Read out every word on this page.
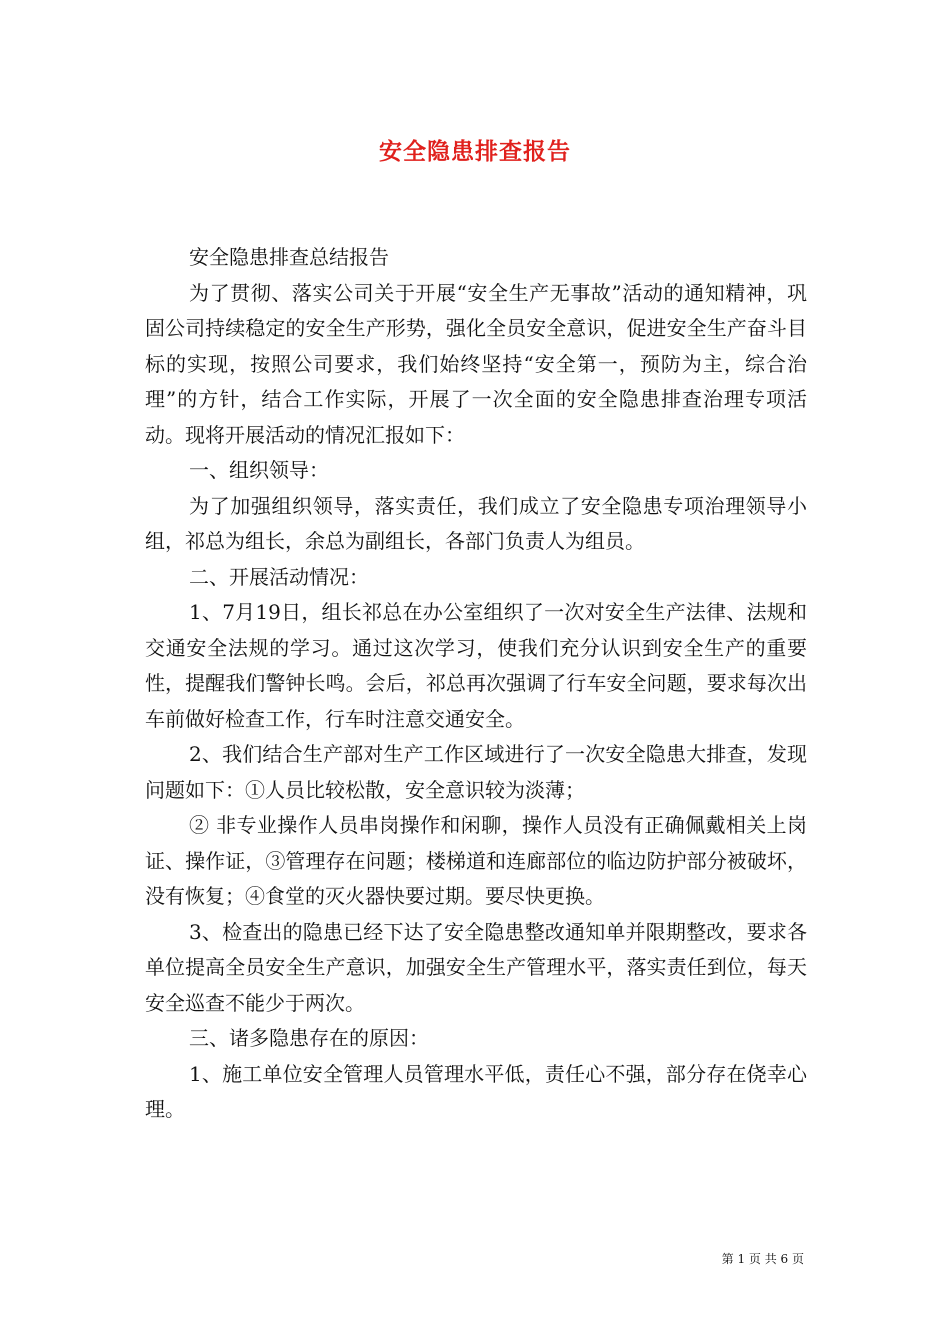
安全隐患排查报告

安全隐患排查总结报告

为了贯彻、落实公司关于开展“安全生产无事故”活动的通知精神，巩固公司持续稳定的安全生产形势，强化全员安全意识，促进安全生产奋斗目标的实现，按照公司要求，我们始终坚持“安全第一，预防为主，综合治理”的方针，结合工作实际，开展了一次全面的安全隐患排查治理专项活动。现将开展活动的情况汇报如下：

一、组织领导：

为了加强组织领导，落实责任，我们成立了安全隐患专项治理领导小组，祁总为组长，余总为副组长，各部门负责人为组员。

二、开展活动情况：

1、7月19日，组长祁总在办公室组织了一次对安全生产法律、法规和交通安全法规的学习。通过这次学习，使我们充分认识到安全生产的重要性，提醒我们警钟长鸣。会后，祁总再次强调了行车安全问题，要求每次出车前做好检查工作，行车时注意交通安全。

2、我们结合生产部对生产工作区域进行了一次安全隐患大排查，发现问题如下：①人员比较松散，安全意识较为淡薄；

② 非专业操作人员串岗操作和闲聊，操作人员没有正确佩戴相关上岗证、操作证，③管理存在问题；楼梯道和连廊部位的临边防护部分被破坏，没有恢复；④食堂的灭火器快要过期。要尽快更换。

3、检查出的隐患已经下达了安全隐患整改通知单并限期整改，要求各单位提高全员安全生产意识，加强安全生产管理水平，落实责任到位，每天安全巡查不能少于两次。

三、诸多隐患存在的原因：

1、施工单位安全管理人员管理水平低，责任心不强，部分存在侥幸心理。

第 1 页 共 6 页
